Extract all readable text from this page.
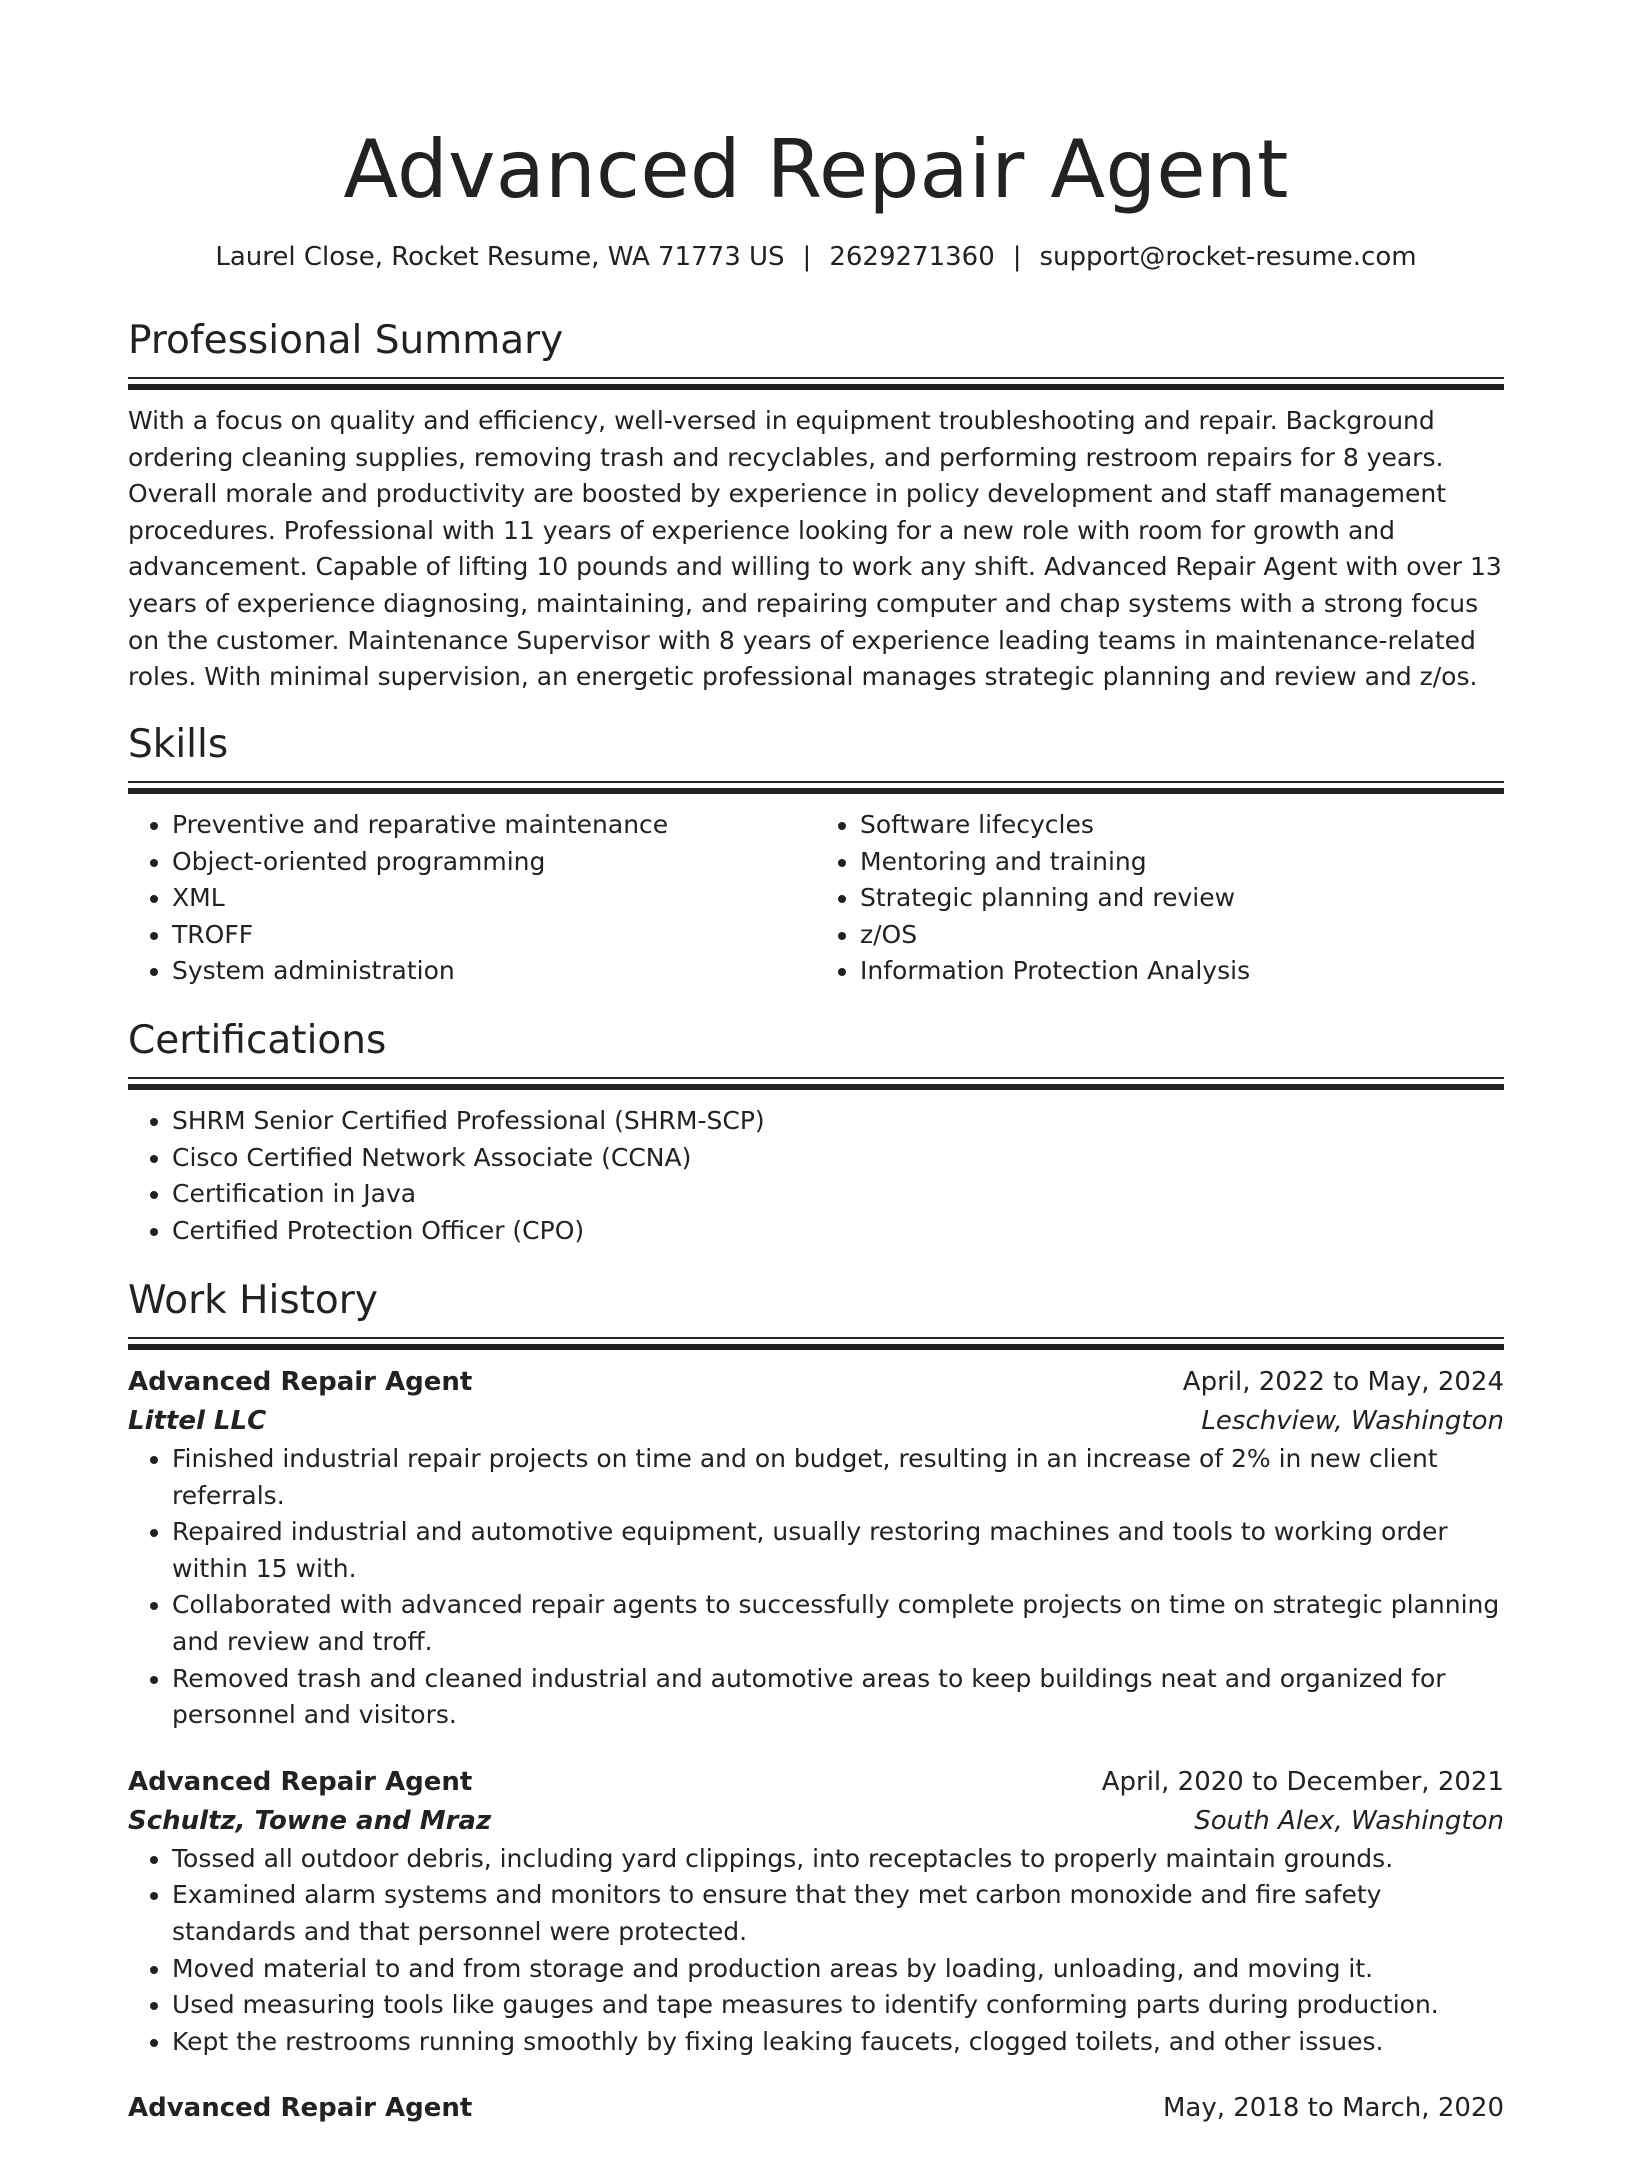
Advanced Repair Agent
Laurel Close, Rocket Resume, WA 71773 US | 2629271360 | support@rocket-resume.com
Professional Summary

With a focus on quality and efficiency, well-versed in equipment troubleshooting and repair. Background ordering cleaning supplies, removing trash and recyclables, and performing restroom repairs for 8 years. Overall morale and productivity are boosted by experience in policy development and staff management procedures. Professional with 11 years of experience looking for a new role with room for growth and advancement. Capable of lifting 10 pounds and willing to work any shift. Advanced Repair Agent with over 13 years of experience diagnosing, maintaining, and repairing computer and chap systems with a strong focus on the customer. Maintenance Supervisor with 8 years of experience leading teams in maintenance-related roles. With minimal supervision, an energetic professional manages strategic planning and review and z/os.

Skills
• Preventive and reparative maintenance
• Object-oriented programming
• XML
• TROFF
• System administration
• Software lifecycles
• Mentoring and training
• Strategic planning and review
• z/OS
• Information Protection Analysis
Certifications
• SHRM Senior Certified Professional (SHRM-SCP)
• Cisco Certified Network Associate (CCNA)
• Certification in Java
• Certified Protection Officer (CPO)
Work History
Advanced Repair Agent	April, 2022 to May, 2024
Littel LLC	Leschview, Washington
• Finished industrial repair projects on time and on budget, resulting in an increase of 2% in new client referrals.
• Repaired industrial and automotive equipment, usually restoring machines and tools to working order within 15 with.
• Collaborated with advanced repair agents to successfully complete projects on time on strategic planning and review and troff.
• Removed trash and cleaned industrial and automotive areas to keep buildings neat and organized for personnel and visitors.
Advanced Repair Agent	April, 2020 to December, 2021
Schultz, Towne and Mraz	South Alex, Washington
• Tossed all outdoor debris, including yard clippings, into receptacles to properly maintain grounds.
• Examined alarm systems and monitors to ensure that they met carbon monoxide and fire safety standards and that personnel were protected.
• Moved material to and from storage and production areas by loading, unloading, and moving it.
• Used measuring tools like gauges and tape measures to identify conforming parts during production.
• Kept the restrooms running smoothly by fixing leaking faucets, clogged toilets, and other issues.
Advanced Repair Agent	May, 2018 to March, 2020
